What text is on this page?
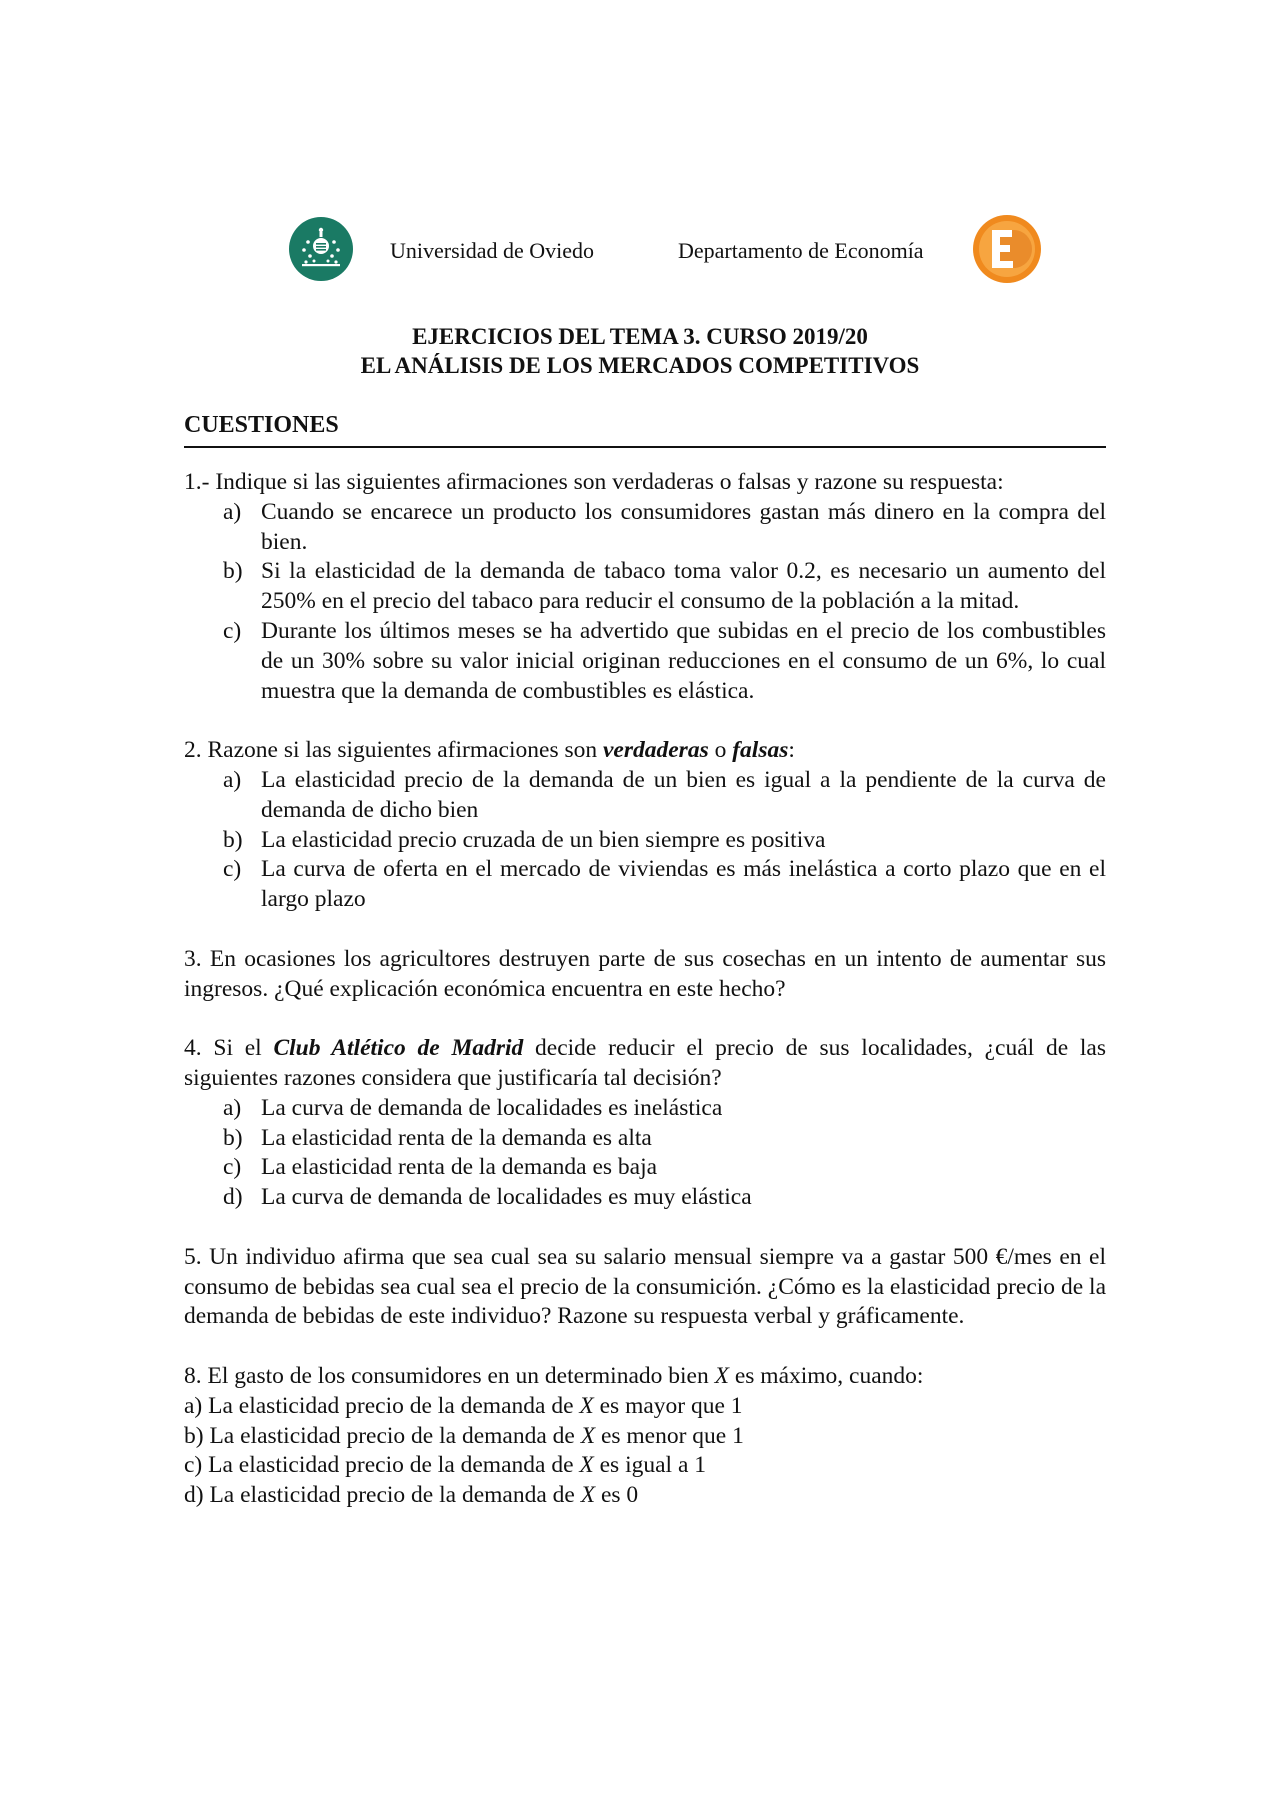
Universidad de Oviedo	Departamento de Economía
EJERCICIOS DEL TEMA 3. CURSO 2019/20
EL ANÁLISIS DE LOS MERCADOS COMPETITIVOS
CUESTIONES
1.- Indique si las siguientes afirmaciones son verdaderas o falsas y razone su respuesta:
a) Cuando se encarece un producto los consumidores gastan más dinero en la compra del bien.
b) Si la elasticidad de la demanda de tabaco toma valor 0.2, es necesario un aumento del 250% en el precio del tabaco para reducir el consumo de la población a la mitad.
c) Durante los últimos meses se ha advertido que subidas en el precio de los combustibles de un 30% sobre su valor inicial originan reducciones en el consumo de un 6%, lo cual muestra que la demanda de combustibles es elástica.
2. Razone si las siguientes afirmaciones son verdaderas o falsas:
a) La elasticidad precio de la demanda de un bien es igual a la pendiente de la curva de demanda de dicho bien
b) La elasticidad precio cruzada de un bien siempre es positiva
c) La curva de oferta en el mercado de viviendas es más inelástica a corto plazo que en el largo plazo
3. En ocasiones los agricultores destruyen parte de sus cosechas en un intento de aumentar sus ingresos. ¿Qué explicación económica encuentra en este hecho?
4. Si el Club Atlético de Madrid decide reducir el precio de sus localidades, ¿cuál de las siguientes razones considera que justificaría tal decisión?
a) La curva de demanda de localidades es inelástica
b) La elasticidad renta de la demanda es alta
c) La elasticidad renta de la demanda es baja
d) La curva de demanda de localidades es muy elástica
5. Un individuo afirma que sea cual sea su salario mensual siempre va a gastar 500 €/mes en el consumo de bebidas sea cual sea el precio de la consumición. ¿Cómo es la elasticidad precio de la demanda de bebidas de este individuo? Razone su respuesta verbal y gráficamente.
8. El gasto de los consumidores en un determinado bien X es máximo, cuando:
a) La elasticidad precio de la demanda de X es mayor que 1
b) La elasticidad precio de la demanda de X es menor que 1
c) La elasticidad precio de la demanda de X es igual a 1
d) La elasticidad precio de la demanda de X es 0
